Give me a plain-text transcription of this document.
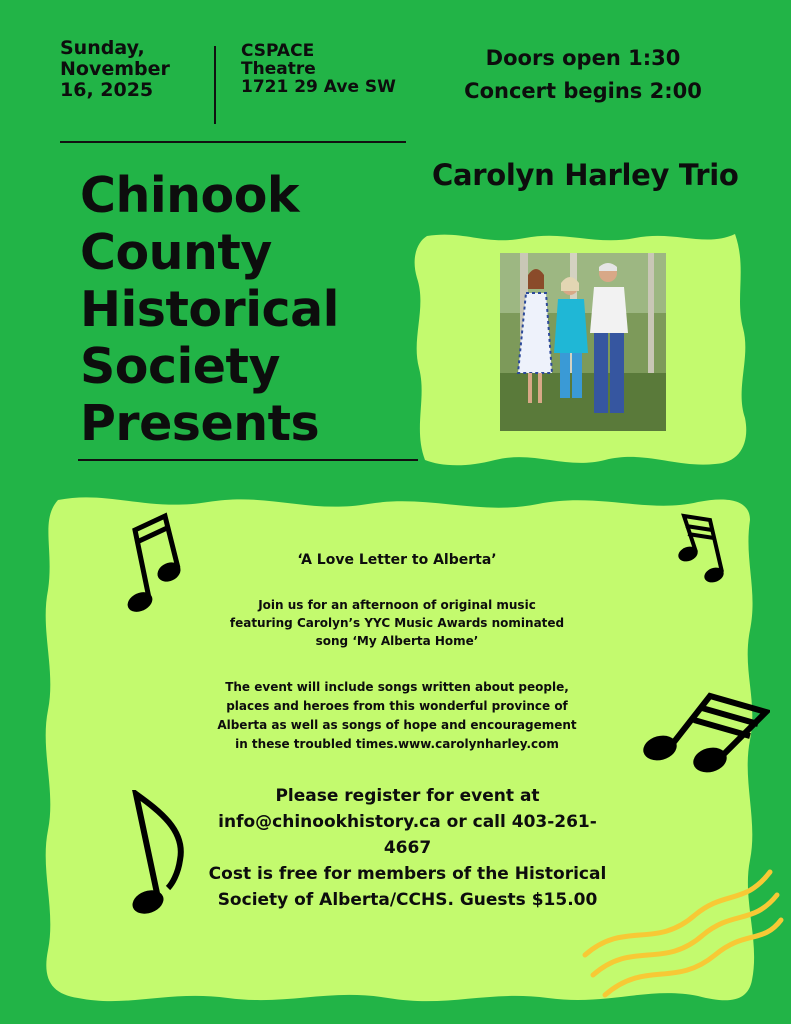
Sunday,
November
16, 2025
CSPACE
Theatre
1721 29 Ave SW
Doors open 1:30
Concert begins 2:00
Chinook
County
Historical
Society
Presents
Carolyn Harley Trio
‘A Love Letter to Alberta’
Join us for an afternoon of original music
featuring Carolyn’s YYC Music Awards nominated
song ‘My Alberta Home’
The event will include songs written about people,
places and heroes from this wonderful province of
Alberta as well as songs of hope and encouragement
in these troubled times.www.carolynharley.com
Please register for event at
info@chinookhistory.ca or call 403-261-
4667
Cost is free for members of the Historical
Society of Alberta/CCHS. Guests $15.00
